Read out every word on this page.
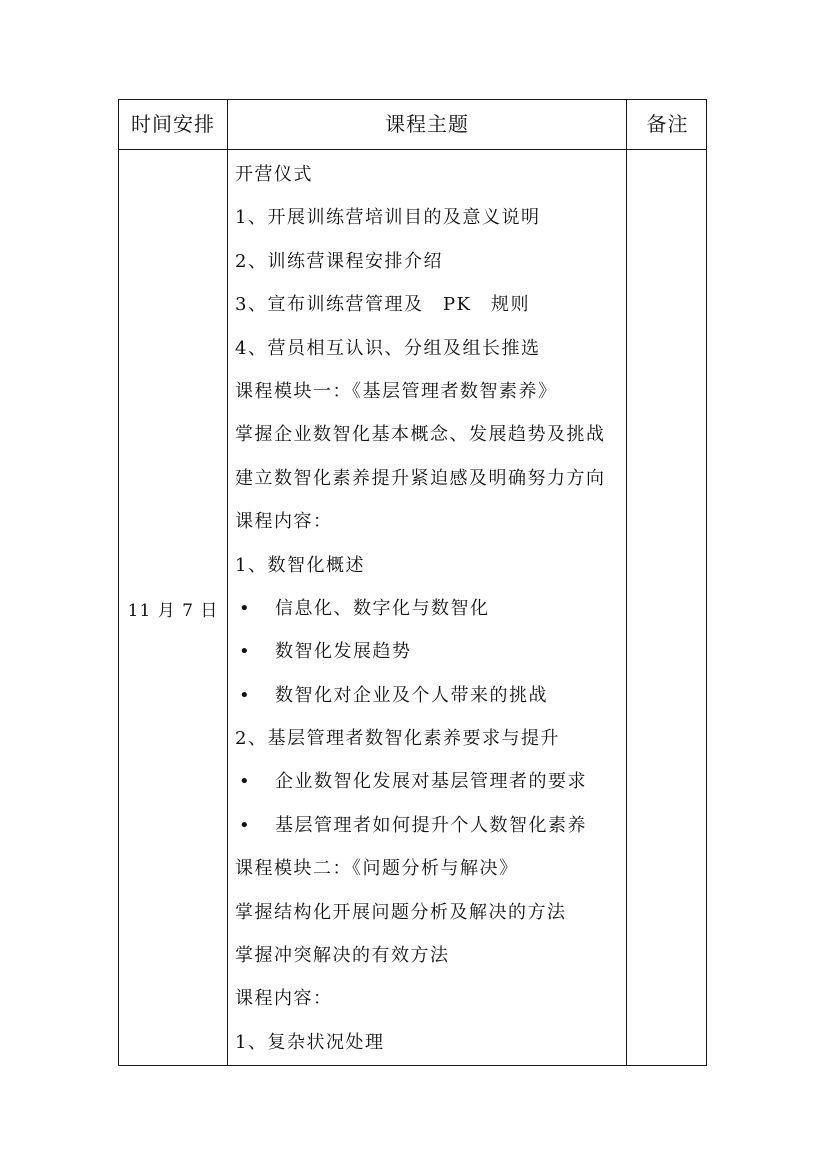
时间安排	课程主题	备注
11 月 7 日
开营仪式
1、开展训练营培训目的及意义说明
2、训练营课程安排介绍
3、宣布训练营管理及　PK　规则
4、营员相互认识、分组及组长推选
课程模块一：《基层管理者数智素养》
掌握企业数智化基本概念、发展趋势及挑战
建立数智化素养提升紧迫感及明确努力方向
课程内容：
1、数智化概述
• 信息化、数字化与数智化
• 数智化发展趋势
• 数智化对企业及个人带来的挑战
2、基层管理者数智化素养要求与提升
• 企业数智化发展对基层管理者的要求
• 基层管理者如何提升个人数智化素养
课程模块二：《问题分析与解决》
掌握结构化开展问题分析及解决的方法
掌握冲突解决的有效方法
课程内容：
1、复杂状况处理
